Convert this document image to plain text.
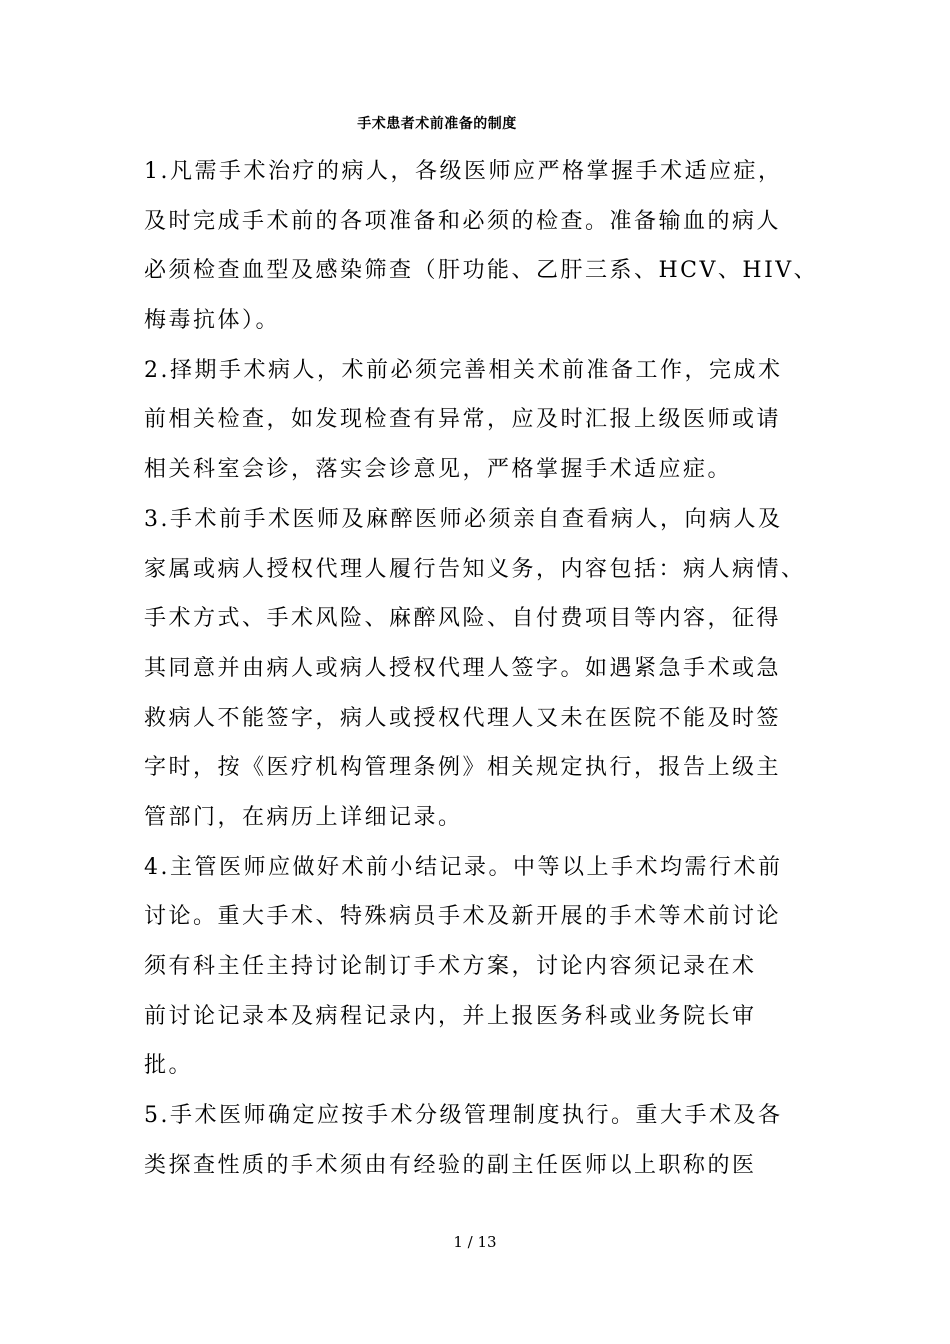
手术患者术前准备的制度
1.凡需手术治疗的病人，各级医师应严格掌握手术适应症，
及时完成手术前的各项准备和必须的检查。准备输血的病人
必须检查血型及感染筛查（肝功能、乙肝三系、HCV、HIV、
梅毒抗体）。
2.择期手术病人，术前必须完善相关术前准备工作，完成术
前相关检查，如发现检查有异常，应及时汇报上级医师或请
相关科室会诊，落实会诊意见，严格掌握手术适应症。
3.手术前手术医师及麻醉医师必须亲自查看病人，向病人及
家属或病人授权代理人履行告知义务，内容包括：病人病情、
手术方式、手术风险、麻醉风险、自付费项目等内容，征得
其同意并由病人或病人授权代理人签字。如遇紧急手术或急
救病人不能签字，病人或授权代理人又未在医院不能及时签
字时，按《医疗机构管理条例》相关规定执行，报告上级主
管部门，在病历上详细记录。
4.主管医师应做好术前小结记录。中等以上手术均需行术前
讨论。重大手术、特殊病员手术及新开展的手术等术前讨论
须有科主任主持讨论制订手术方案，讨论内容须记录在术
前讨论记录本及病程记录内，并上报医务科或业务院长审
批。
5.手术医师确定应按手术分级管理制度执行。重大手术及各
类探查性质的手术须由有经验的副主任医师以上职称的医
1 / 13
